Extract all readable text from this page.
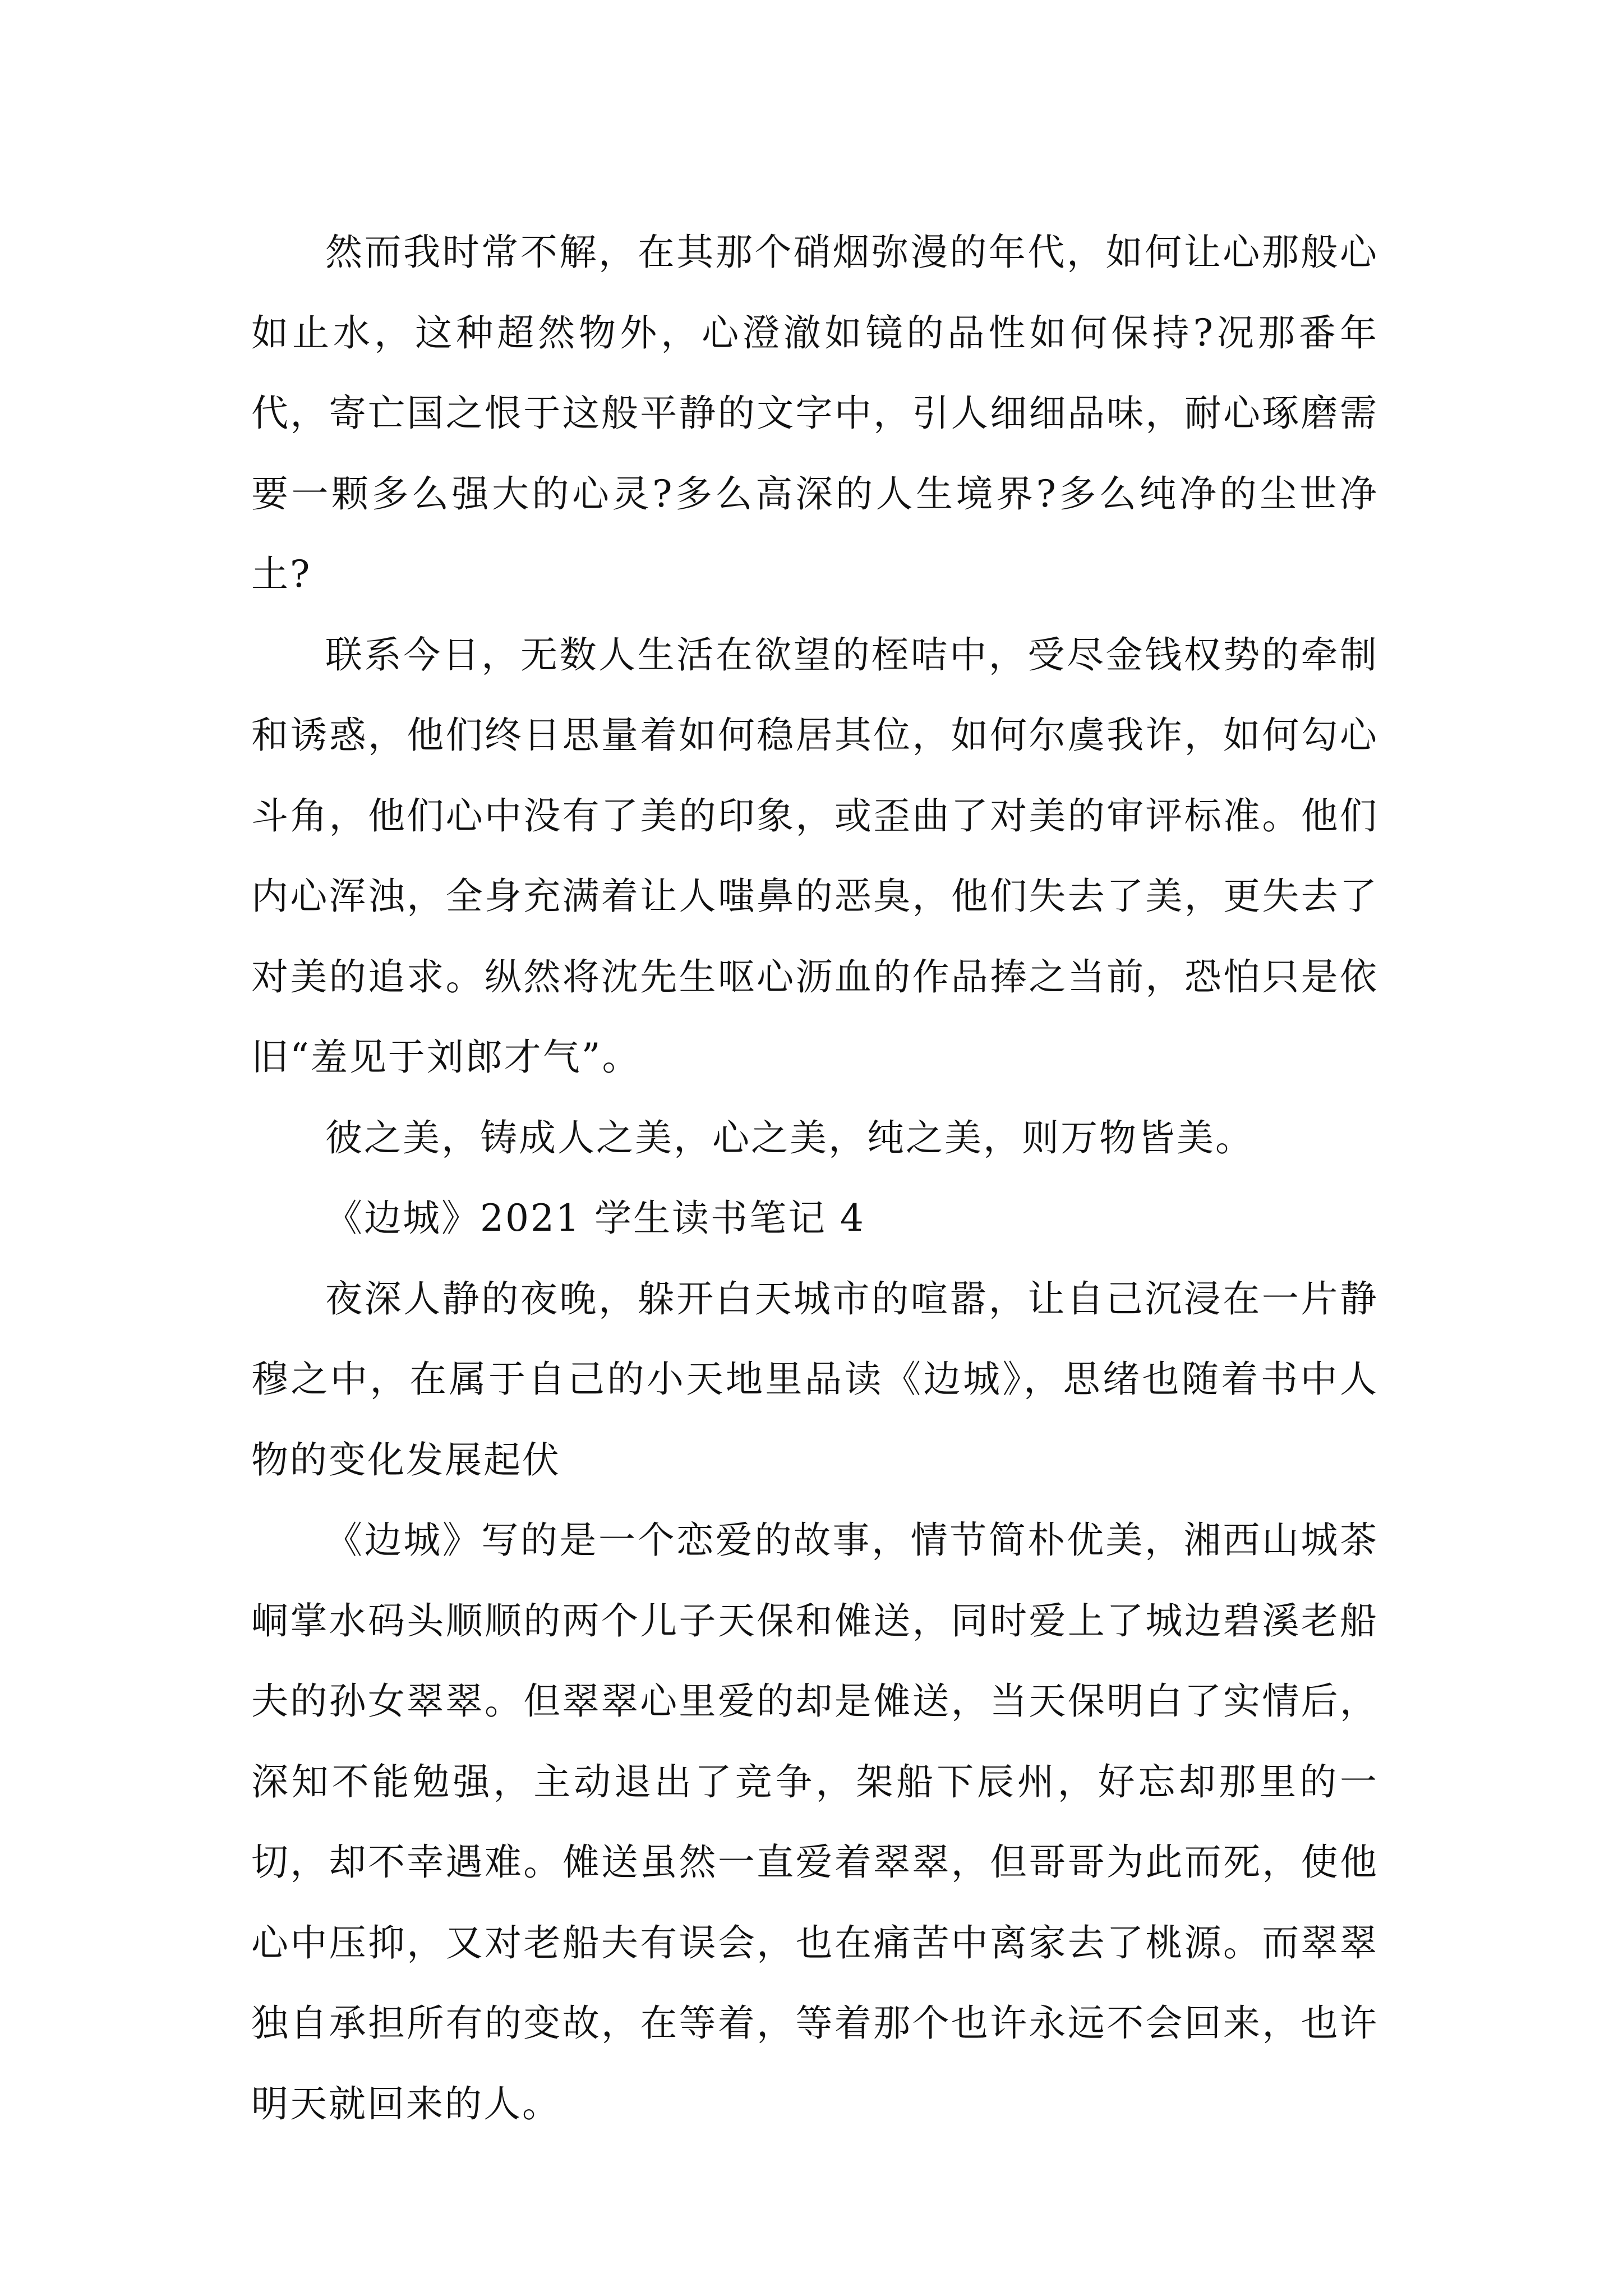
然而我时常不解，在其那个硝烟弥漫的年代，如何让心那般心如止水，这种超然物外，心澄澈如镜的品性如何保持?况那番年代，寄亡国之恨于这般平静的文字中，引人细细品味，耐心琢磨需要一颗多么强大的心灵?多么高深的人生境界?多么纯净的尘世净土?

联系今日，无数人生活在欲望的桎咭中，受尽金钱权势的牵制和诱惑，他们终日思量着如何稳居其位，如何尔虞我诈，如何勾心斗角，他们心中没有了美的印象，或歪曲了对美的审评标准。他们内心浑浊，全身充满着让人嗤鼻的恶臭，他们失去了美，更失去了对美的追求。纵然将沈先生呕心沥血的作品捧之当前，恐怕只是依旧“羞见于刘郎才气”。

彼之美，铸成人之美，心之美，纯之美，则万物皆美。

《边城》2021 学生读书笔记 4

夜深人静的夜晚，躲开白天城市的喧嚣，让自己沉浸在一片静穆之中，在属于自己的小天地里品读《边城》，思绪也随着书中人物的变化发展起伏

《边城》写的是一个恋爱的故事，情节简朴优美，湘西山城茶峒掌水码头顺顺的两个儿子天保和傩送，同时爱上了城边碧溪老船夫的孙女翠翠。但翠翠心里爱的却是傩送，当天保明白了实情后，深知不能勉强，主动退出了竞争，架船下辰州，好忘却那里的一切，却不幸遇难。傩送虽然一直爱着翠翠，但哥哥为此而死，使他心中压抑，又对老船夫有误会，也在痛苦中离家去了桃源。而翠翠独自承担所有的变故，在等着，等着那个也许永远不会回来，也许明天就回来的人。
